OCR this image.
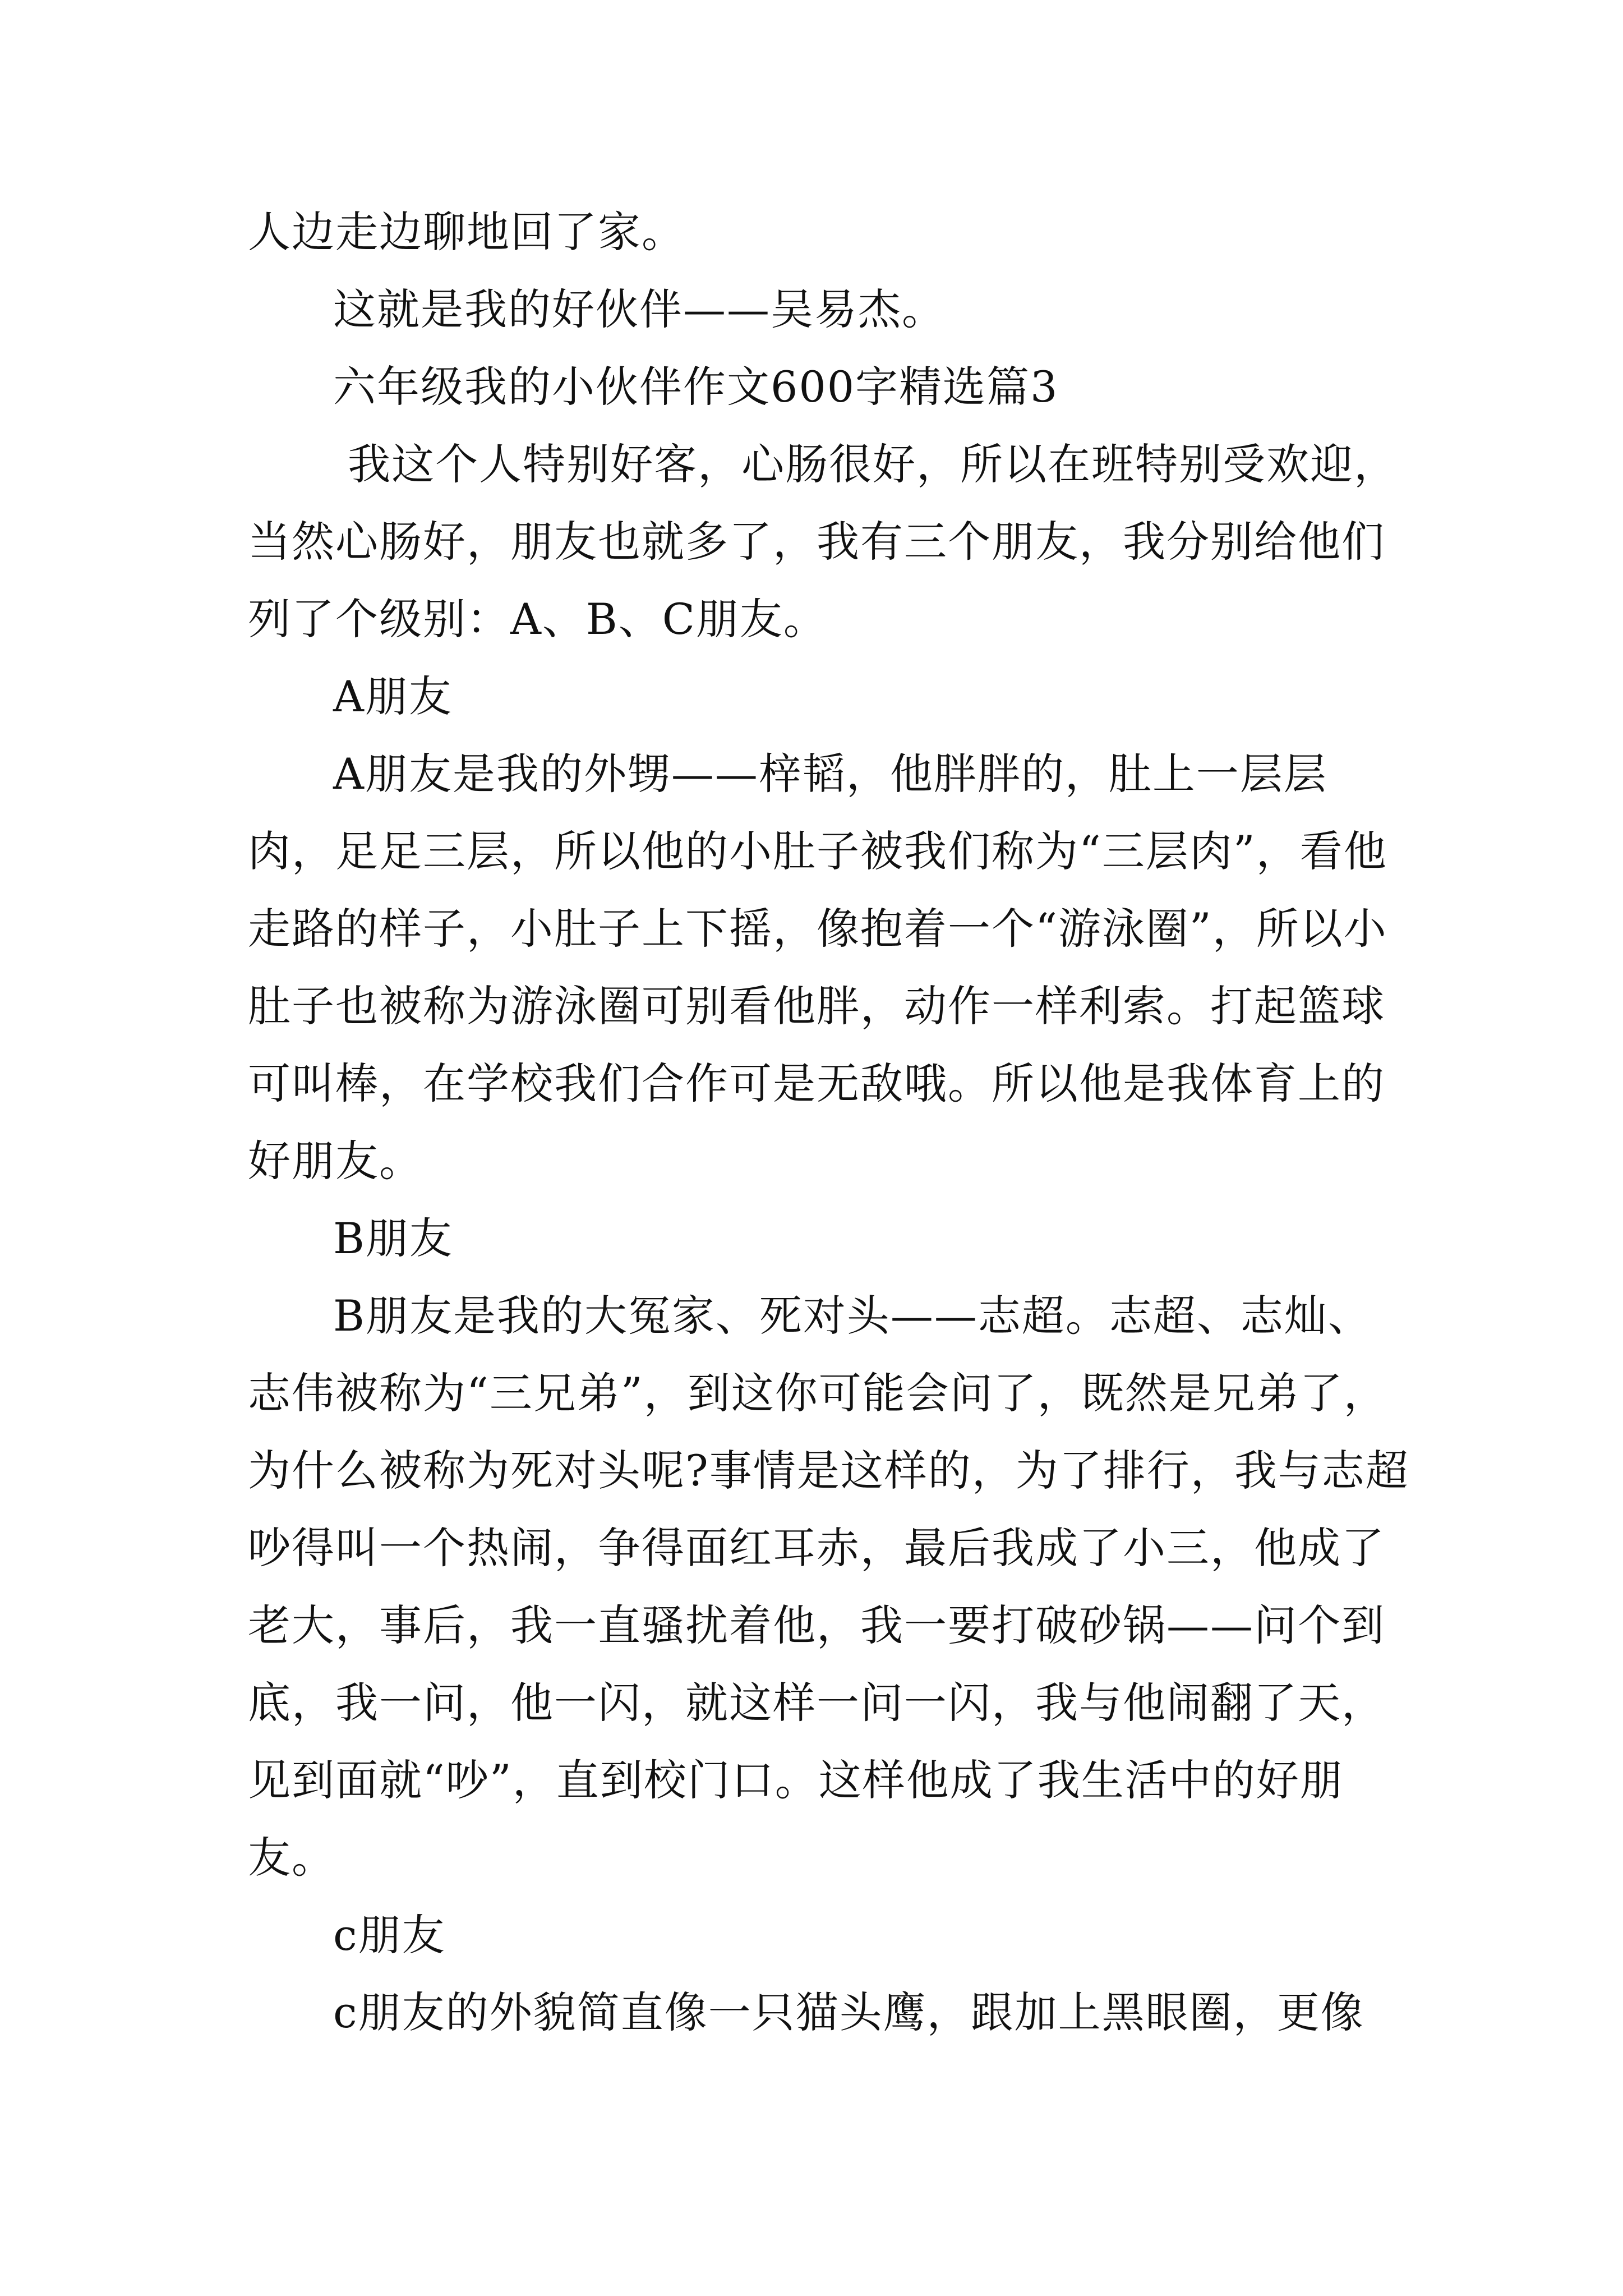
人边走边聊地回了家。

这就是我的好伙伴——吴易杰。

六年级我的小伙伴作文600字精选篇3

我这个人特别好客，心肠很好，所以在班特别受欢迎，当然心肠好，朋友也就多了，我有三个朋友，我分别给他们列了个级别：A、B、C朋友。

A朋友

A朋友是我的外甥——梓韬，他胖胖的，肚上一层层肉，足足三层，所以他的小肚子被我们称为“三层肉”，看他走路的样子，小肚子上下摇，像抱着一个“游泳圈”，所以小肚子也被称为游泳圈可别看他胖，动作一样利索。打起篮球可叫棒，在学校我们合作可是无敌哦。所以他是我体育上的好朋友。

B朋友

B朋友是我的大冤家、死对头——志超。志超、志灿、志伟被称为“三兄弟”，到这你可能会问了，既然是兄弟了，为什么被称为死对头呢?事情是这样的，为了排行，我与志超吵得叫一个热闹，争得面红耳赤，最后我成了小三，他成了老大，事后，我一直骚扰着他，我一要打破砂锅——问个到底，我一问，他一闪，就这样一问一闪，我与他闹翻了天，见到面就“吵”，直到校门口。这样他成了我生活中的好朋友。

c朋友

c朋友的外貌简直像一只猫头鹰，跟加上黑眼圈，更像
